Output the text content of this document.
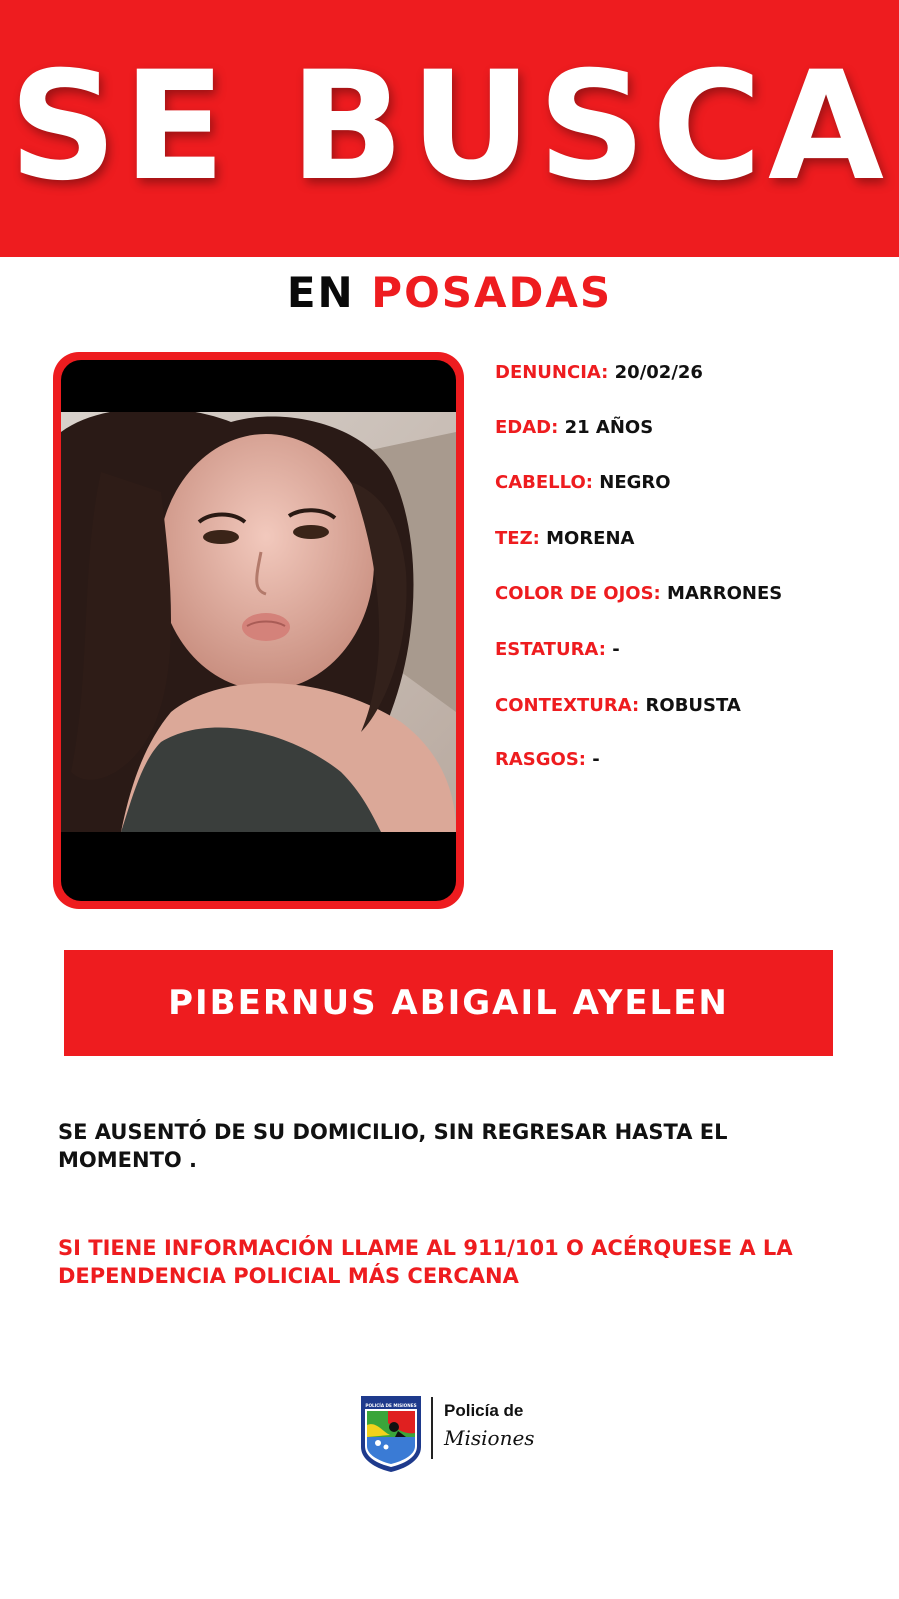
SE BUSCA
EN POSADAS
DENUNCIA: 20/02/26
EDAD: 21 AÑOS
CABELLO: NEGRO
TEZ: MORENA
COLOR DE OJOS: MARRONES
ESTATURA: -
CONTEXTURA: ROBUSTA
RASGOS: -
PIBERNUS ABIGAIL AYELEN
SE AUSENTÓ DE SU DOMICILIO, SIN REGRESAR HASTA EL MOMENTO .
SI TIENE INFORMACIÓN LLAME AL 911/101 O ACÉRQUESE A LA DEPENDENCIA POLICIAL MÁS CERCANA
POLICÍA DE MISIONES Policía de
Misiones
